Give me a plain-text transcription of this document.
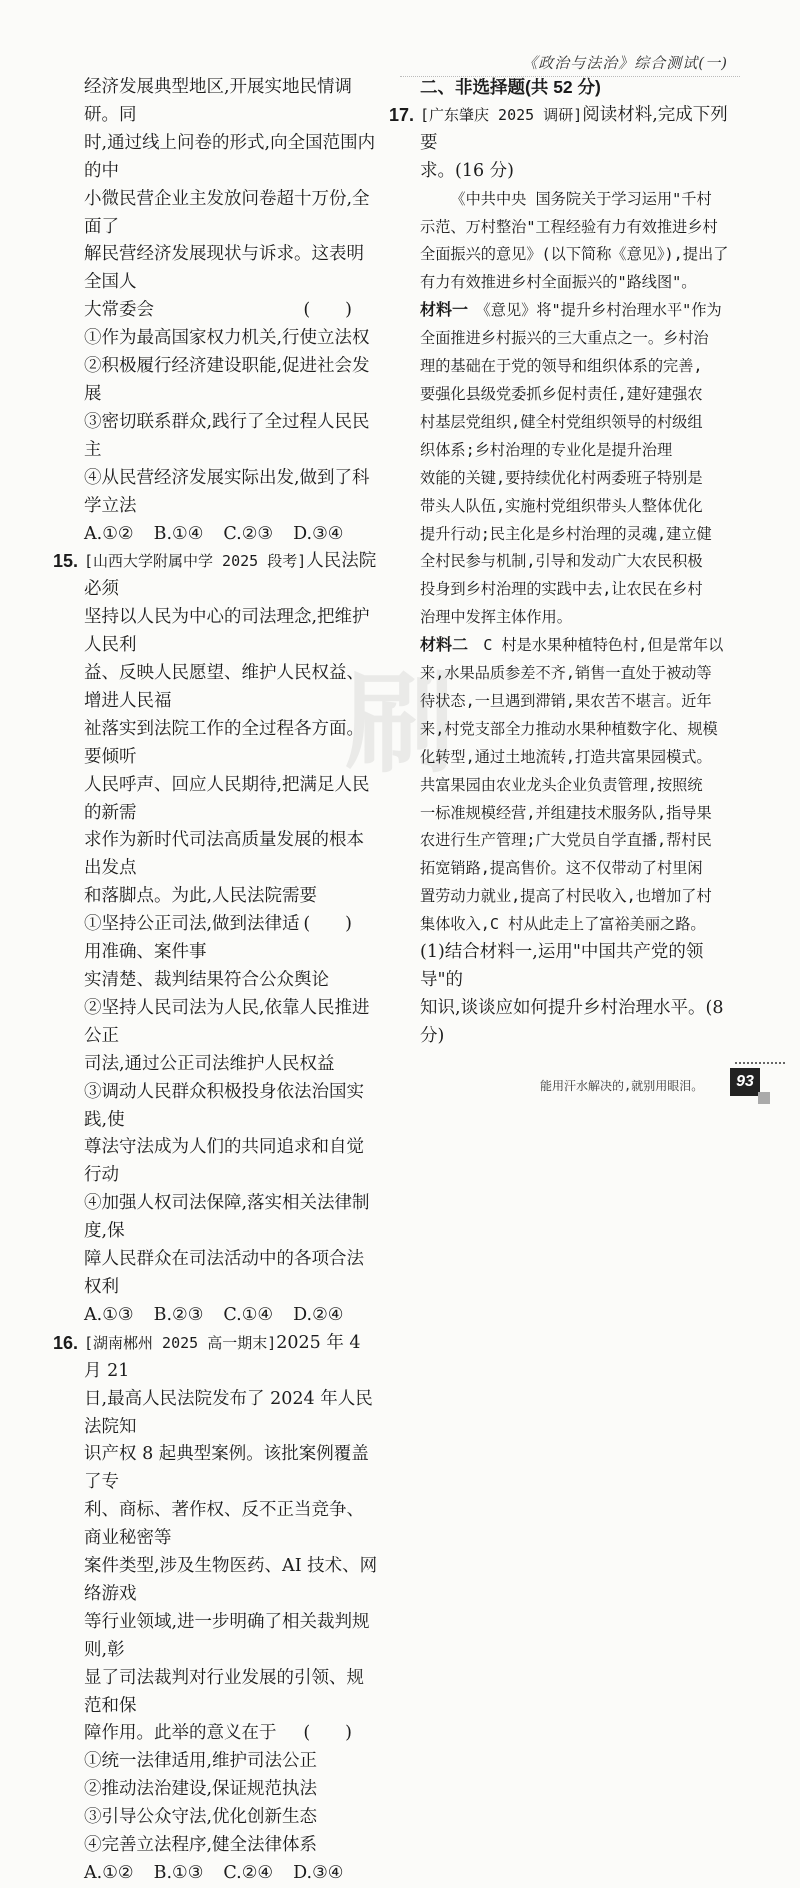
《政治与法治》综合测试(一)
刷

经济发展典型地区,开展实地民情调研。同

时,通过线上问卷的形式,向全国范围内的中

小微民营企业主发放问卷超十万份,全面了

解民营经济发展现状与诉求。这表明全国人

大常委会	(　　)

①作为最高国家权力机关,行使立法权

②积极履行经济建设职能,促进社会发展

③密切联系群众,践行了全过程人民民主

④从民营经济发展实际出发,做到了科学立法

A.①② B.①④ C.②③ D.③④

15. [山西大学附属中学 2025 段考]人民法院必须

坚持以人民为中心的司法理念,把维护人民利

益、反映人民愿望、维护人民权益、增进人民福

祉落实到法院工作的全过程各方面。要倾听

人民呼声、回应人民期待,把满足人民的新需

求作为新时代司法高质量发展的根本出发点

和落脚点。为此,人民法院需要
(　　)

①坚持公正司法,做到法律适用准确、案件事

实清楚、裁判结果符合公众舆论

②坚持人民司法为人民,依靠人民推进公正

司法,通过公正司法维护人民权益

③调动人民群众积极投身依法治国实践,使

尊法守法成为人们的共同追求和自觉行动

④加强人权司法保障,落实相关法律制度,保

障人民群众在司法活动中的各项合法权利

A.①③ B.②③ C.①④ D.②④

16. [湖南郴州 2025 高一期末]2025 年 4 月 21

日,最高人民法院发布了 2024 年人民法院知

识产权 8 起典型案例。该批案例覆盖了专

利、商标、著作权、反不正当竞争、商业秘密等

案件类型,涉及生物医药、AI 技术、网络游戏

等行业领域,进一步明确了相关裁判规则,彰

显了司法裁判对行业发展的引领、规范和保

障作用。此举的意义在于 (　　)

①统一法律适用,维护司法公正

②推动法治建设,保证规范执法

③引导公众守法,优化创新生态

④完善立法程序,健全法律体系

A.①② B.①③ C.②④ D.③④

二、非选择题(共 52 分)

17. [广东肇庆 2025 调研]阅读材料,完成下列要

求。(16 分)

《中共中央 国务院关于学习运用"千村

示范、万村整治"工程经验有力有效推进乡村

全面振兴的意见》(以下简称《意见》),提出了

有力有效推进乡村全面振兴的"路线图"。

材料一　 《意见》将"提升乡村治理水平"作为

全面推进乡村振兴的三大重点之一。乡村治

理的基础在于党的领导和组织体系的完善,

要强化县级党委抓乡促村责任,建好建强农

村基层党组织,健全村党组织领导的村级组

织体系;乡村治理的专业化是提升治理

效能的关键,要持续优化村两委班子特别是

带头人队伍,实施村党组织带头人整体优化

提升行动;民主化是乡村治理的灵魂,建立健

全村民参与机制,引导和发动广大农民积极

投身到乡村治理的实践中去,让农民在乡村

治理中发挥主体作用。

材料二　 C 村是水果种植特色村,但是常年以

来,水果品质参差不齐,销售一直处于被动等

待状态,一旦遇到滞销,果农苦不堪言。近年

来,村党支部全力推动水果种植数字化、规模

化转型,通过土地流转,打造共富果园模式。

共富果园由农业龙头企业负责管理,按照统

一标准规模经营,并组建技术服务队,指导果

农进行生产管理;广大党员自学直播,帮村民

拓宽销路,提高售价。这不仅带动了村里闲

置劳动力就业,提高了村民收入,也增加了村

集体收入,C 村从此走上了富裕美丽之路。

(1)结合材料一,运用"中国共产党的领导"的

知识,谈谈应如何提升乡村治理水平。(8 分)

能用汗水解决的,就别用眼泪。	93
